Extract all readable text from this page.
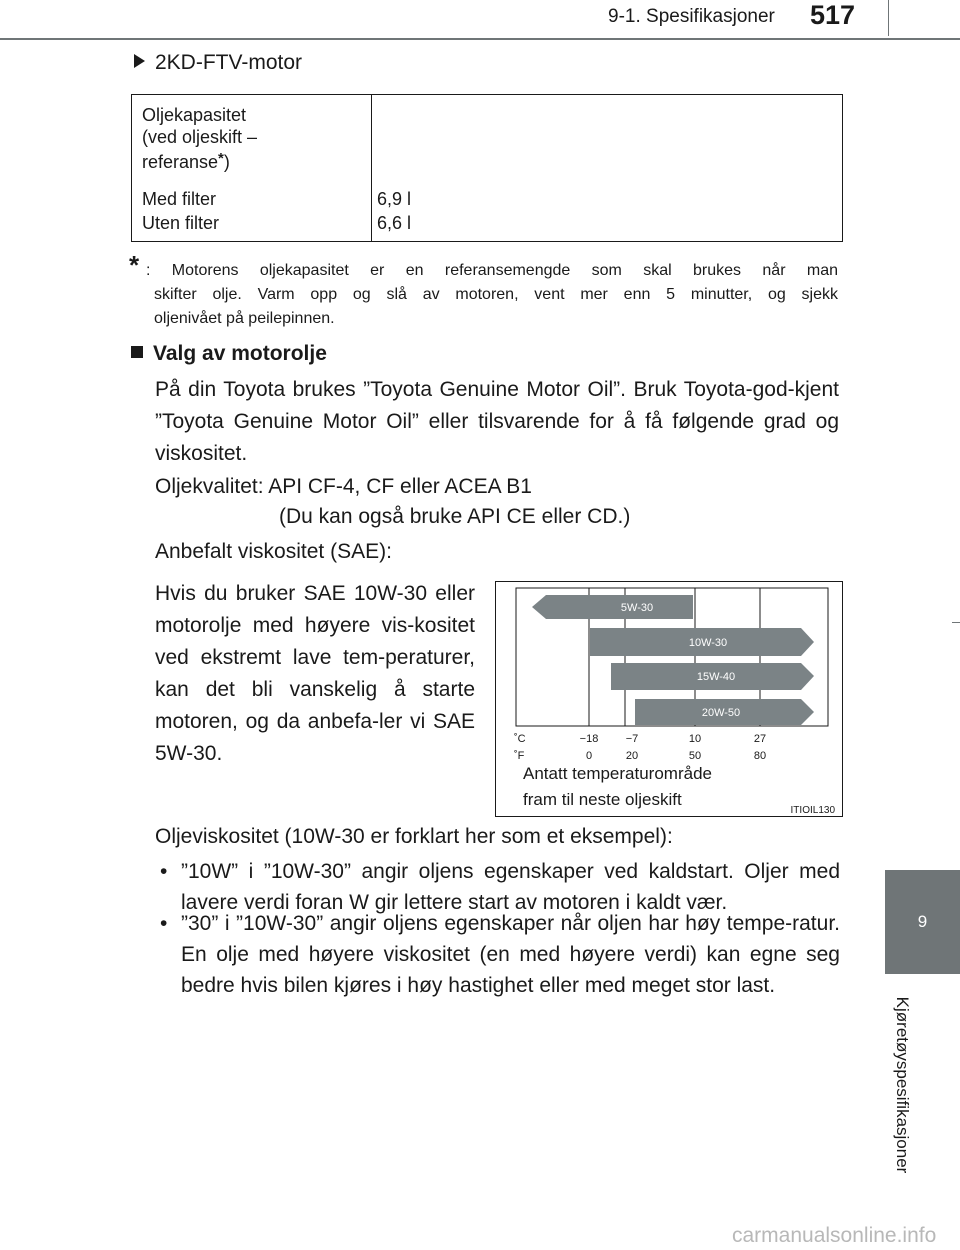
9-1. Spesifikasjoner 517
9
Kjøretøyspesifikasjoner
2KD-FTV-motor
Oljekapasitet
(ved oljeskift –
referanse*)
Med filter	6,9 l
Uten filter	6,6 l
* : Motorens oljekapasitet er en referansemengde som skal brukes når man
skifter olje. Varm opp og slå av motoren, vent mer enn 5 minutter, og sjekk
oljenivået på peilepinnen.
Valg av motorolje
På din Toyota brukes ”Toyota Genuine Motor Oil”. Bruk Toyota-god-kjent ”Toyota Genuine Motor Oil” eller tilsvarende for å få følgende grad og viskositet.
Oljekvalitet: API CF-4, CF eller ACEA B1
(Du kan også bruke API CE eller CD.)
Anbefalt viskositet (SAE):
Hvis du bruker SAE 10W-30 eller motorolje med høyere vis-kositet ved ekstremt lave tem-peraturer, kan det bli vanskelig å starte motoren, og da anbefa-ler vi SAE 5W-30.
5W-30
10W-30
15W-40
20W-50
˚C
˚F
−18 −7	10	27
0	20	50	80
Antatt temperaturområde
fram til neste oljeskift
ITIOIL130
Oljeviskositet (10W-30 er forklart her som et eksempel):
• ”10W” i ”10W-30” angir oljens egenskaper ved kaldstart. Oljer med lavere verdi foran W gir lettere start av motoren i kaldt vær.
• ”30” i ”10W-30” angir oljens egenskaper når oljen har høy tempe-ratur. En olje med høyere viskositet (en med høyere verdi) kan egne seg bedre hvis bilen kjøres i høy hastighet eller med meget stor last.
carmanualsonline.info
